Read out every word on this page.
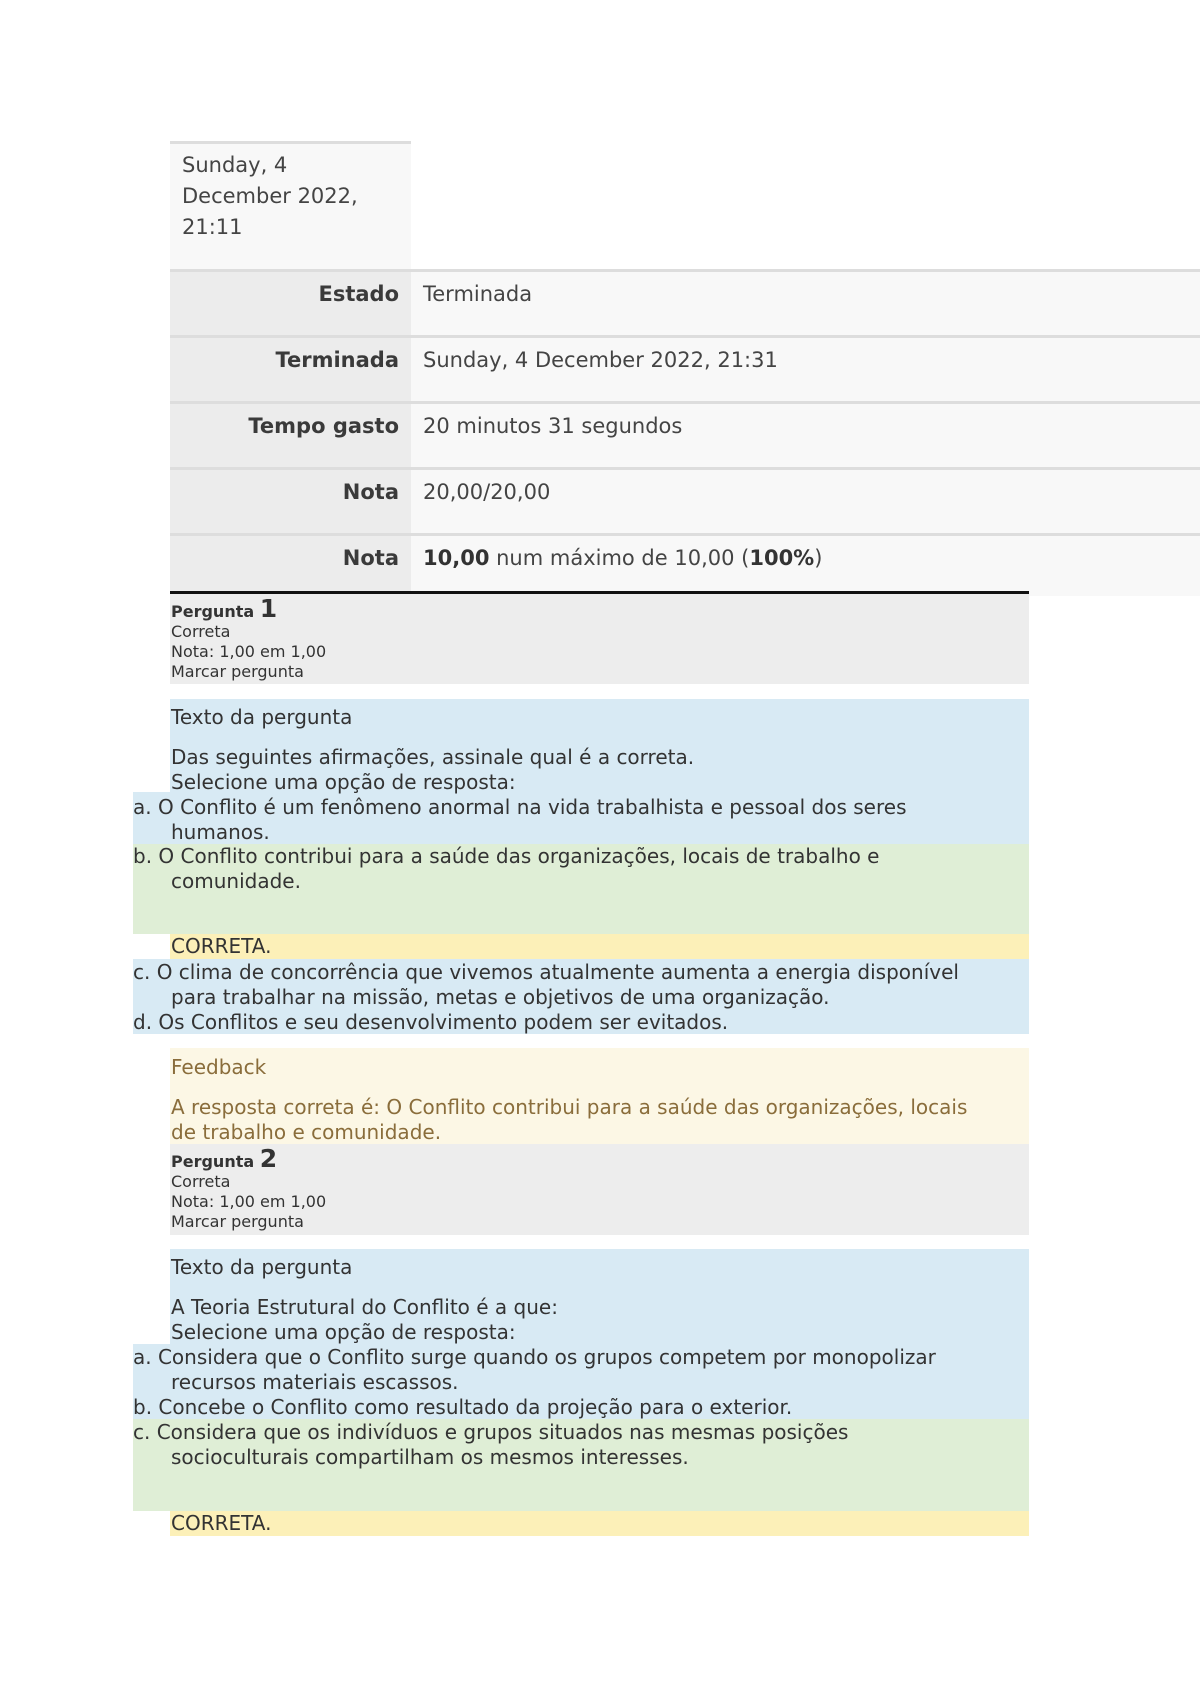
Sunday, 4
December 2022,
21:11
Estado	Terminada
Terminada	Sunday, 4 December 2022, 21:31
Tempo gasto	20 minutos 31 segundos
Nota	20,00/20,00
Nota	10,00 num máximo de 10,00 (100%)
Pergunta 1
Correta
Nota: 1,00 em 1,00
Marcar pergunta
Texto da pergunta
Das seguintes afirmações, assinale qual é a correta.
Selecione uma opção de resposta:
a. O Conflito é um fenômeno anormal na vida trabalhista e pessoal dos seres
humanos.
b. O Conflito contribui para a saúde das organizações, locais de trabalho e
comunidade.
CORRETA.
c. O clima de concorrência que vivemos atualmente aumenta a energia disponível
para trabalhar na missão, metas e objetivos de uma organização.
d. Os Conflitos e seu desenvolvimento podem ser evitados.
Feedback
A resposta correta é: O Conflito contribui para a saúde das organizações, locais
de trabalho e comunidade.
Pergunta 2
Correta
Nota: 1,00 em 1,00
Marcar pergunta
Texto da pergunta
A Teoria Estrutural do Conflito é a que:
Selecione uma opção de resposta:
a. Considera que o Conflito surge quando os grupos competem por monopolizar
recursos materiais escassos.
b. Concebe o Conflito como resultado da projeção para o exterior.
c. Considera que os indivíduos e grupos situados nas mesmas posições
socioculturais compartilham os mesmos interesses.
CORRETA.
